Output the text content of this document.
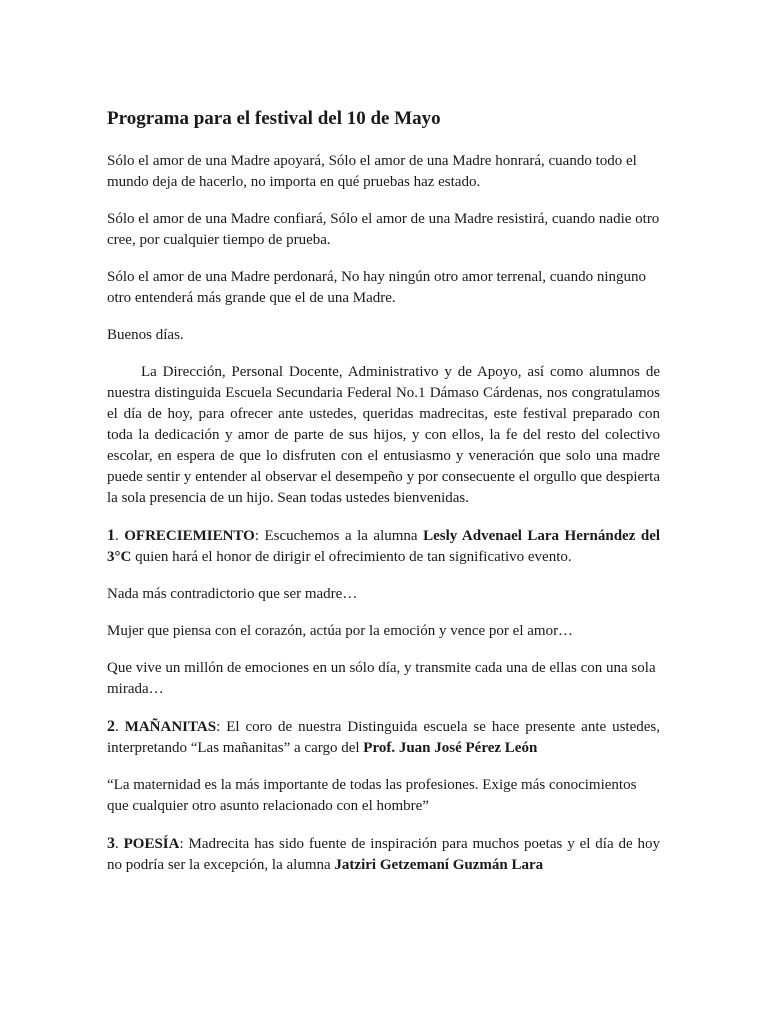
Programa para el festival del 10 de Mayo

Sólo el amor de una Madre apoyará, Sólo el amor de una Madre honrará, cuando todo el mundo deja de hacerlo, no importa en qué pruebas haz estado.

Sólo el amor de una Madre confiará, Sólo el amor de una Madre resistirá, cuando nadie otro cree, por cualquier tiempo de prueba.

Sólo el amor de una Madre perdonará, No hay ningún otro amor terrenal, cuando ninguno otro entenderá más grande que el de una Madre.

Buenos días.

La Dirección, Personal Docente, Administrativo y de Apoyo, así como alumnos de nuestra distinguida Escuela Secundaria Federal No.1 Dámaso Cárdenas, nos congratulamos el día de hoy, para ofrecer ante ustedes, queridas madrecitas, este festival preparado con toda la dedicación y amor de parte de sus hijos, y con ellos, la fe del resto del colectivo escolar, en espera de que lo disfruten con el entusiasmo y veneración que solo una madre puede sentir y entender al observar el desempeño y por consecuente el orgullo que despierta la sola presencia de un hijo. Sean todas ustedes bienvenidas.

1. OFRECIEMIENTO: Escuchemos a la alumna Lesly Advenael Lara Hernández del 3°C quien hará el honor de dirigir el ofrecimiento de tan significativo evento.

Nada más contradictorio que ser madre…

Mujer que piensa con el corazón, actúa por la emoción y vence por el amor…

Que vive un millón de emociones en un sólo día, y transmite cada una de ellas con una sola mirada…

2. MAÑANITAS: El coro de nuestra Distinguida escuela se hace presente ante ustedes, interpretando “Las mañanitas” a cargo del Prof. Juan José Pérez León

“La maternidad es la más importante de todas las profesiones. Exige más conocimientos que cualquier otro asunto relacionado con el hombre”

3. POESÍA: Madrecita has sido fuente de inspiración para muchos poetas y el día de hoy no podría ser la excepción, la alumna Jatziri Getzemaní Guzmán Lara
